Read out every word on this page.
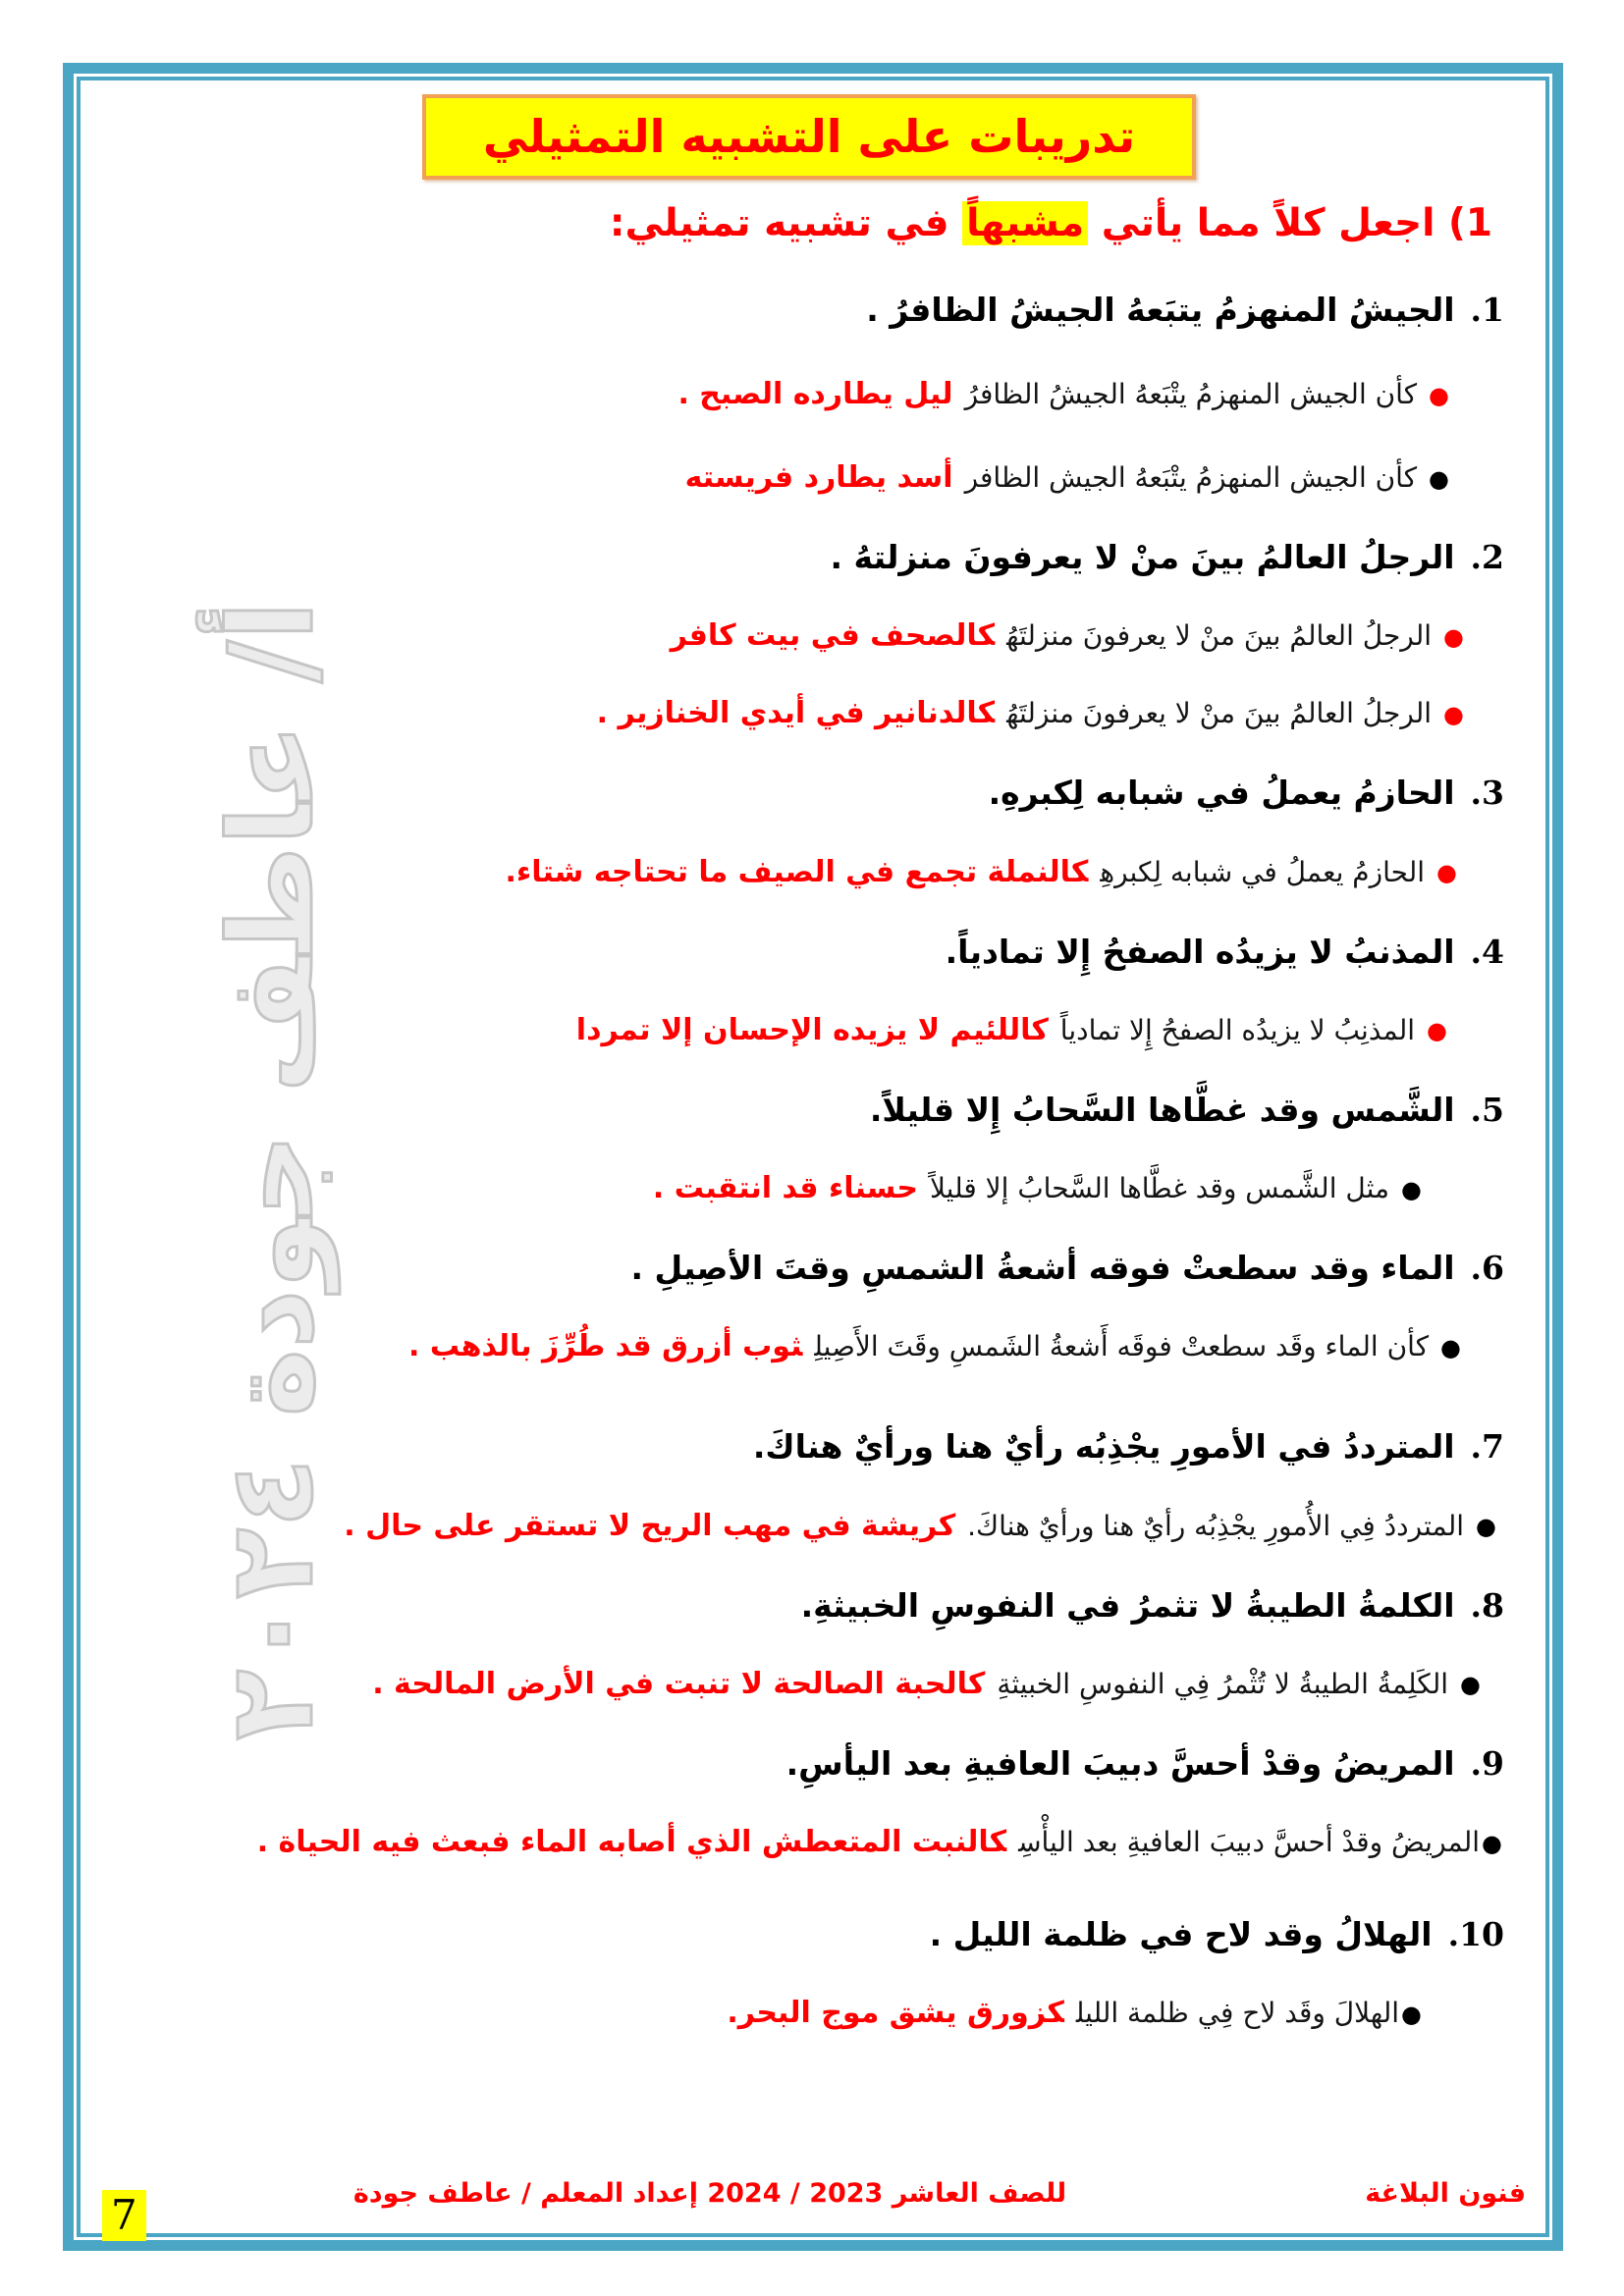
أ/ عاطف جودة ٢٠٢٤
تدريبات على التشبيه التمثيلي
1) اجعل كلاً مما يأتي مشبهاً في تشبيه تمثيلي:
1.الجيشُ المنهزمُ يتبَعهُ الجيشُ الظافرُ .
●كأن الجيش المنهزمُ يتْبَعهُ الجيشُ الظافرُليل يطارده الصبح .
●كأن الجيش المنهزمُ يتْبَعهُ الجيش الظافرأسد يطارد فريسته
2.الرجلُ العالمُ بينَ منْ لا يعرفونَ منزلتهُ .
●الرجلُ العالمُ بينَ منْ لا يعرفونَ منزلتَهُكالصحف في بيت كافر
●الرجلُ العالمُ بينَ منْ لا يعرفونَ منزلتَهُكالدنانير في أيدي الخنازير .
3.الحازمُ يعملُ في شبابه لِكبرهِ.
●الحازمُ يعملُ في شبابه لِكبرهِكالنملة تجمع في الصيف ما تحتاجه شتاء.
4.المذنبُ لا يزيدُه الصفحُ إِلا تمادياً.
●المذنِبُ لا يزيدُه الصفحُ إِلا تمادياًكاللئيم لا يزيده الإحسان إلا تمردا
5.الشَّمس وقد غطَّاها السَّحابُ إِلا قليلاً.
●مثل الشَّمس وقد غطَّاها السَّحابُ إلا قليلاًحسناء قد انتقبت .
6.الماء وقد سطعتْ فوقه أشعةُ الشمسِ وقتَ الأصِيلِ .
●كأن الماء وقَد سطعتْ فوقَه أَشعةُ الشَمسِ وقَتَ الأَصِيلِثوب أزرق قد طُرِّزَ بالذهب .
7.المترددُ في الأمورِ يجْذِبُه رأيٌ هنا ورأيٌ هناكَ.
●المترددُ فِي الأُمورِ يجْذِبُه رأيٌ هنا ورأيٌ هناكَ.كريشة في مهب الريح لا تستقر على حال .
8.الكلمةُ الطيبةُ لا تثمرُ في النفوسِ الخبيثةِ.
●الكَلِمةُ الطيبةُ لا تُثْمرُ فِي النفوسِ الخبيثةِكالحبة الصالحة لا تنبت في الأرض المالحة .
9.المريضُ وقدْ أحسَّ دبيبَ العافيةِ بعد اليأسِ.
●المريضُ وقدْ أحسَّ دبيبَ العافيةِ بعد اليأْسِكالنبت المتعطش الذي أصابه الماء فبعث فيه الحياة .
10.الهلالُ وقد لاح في ظلمة الليل .
●الهلالَ وقَد لاح فِي ظلمة الليلكزورق يشق موج البحر.
فنون البلاغة
للصف العاشر 2023 / 2024 إعداد المعلم / عاطف جودة
7
